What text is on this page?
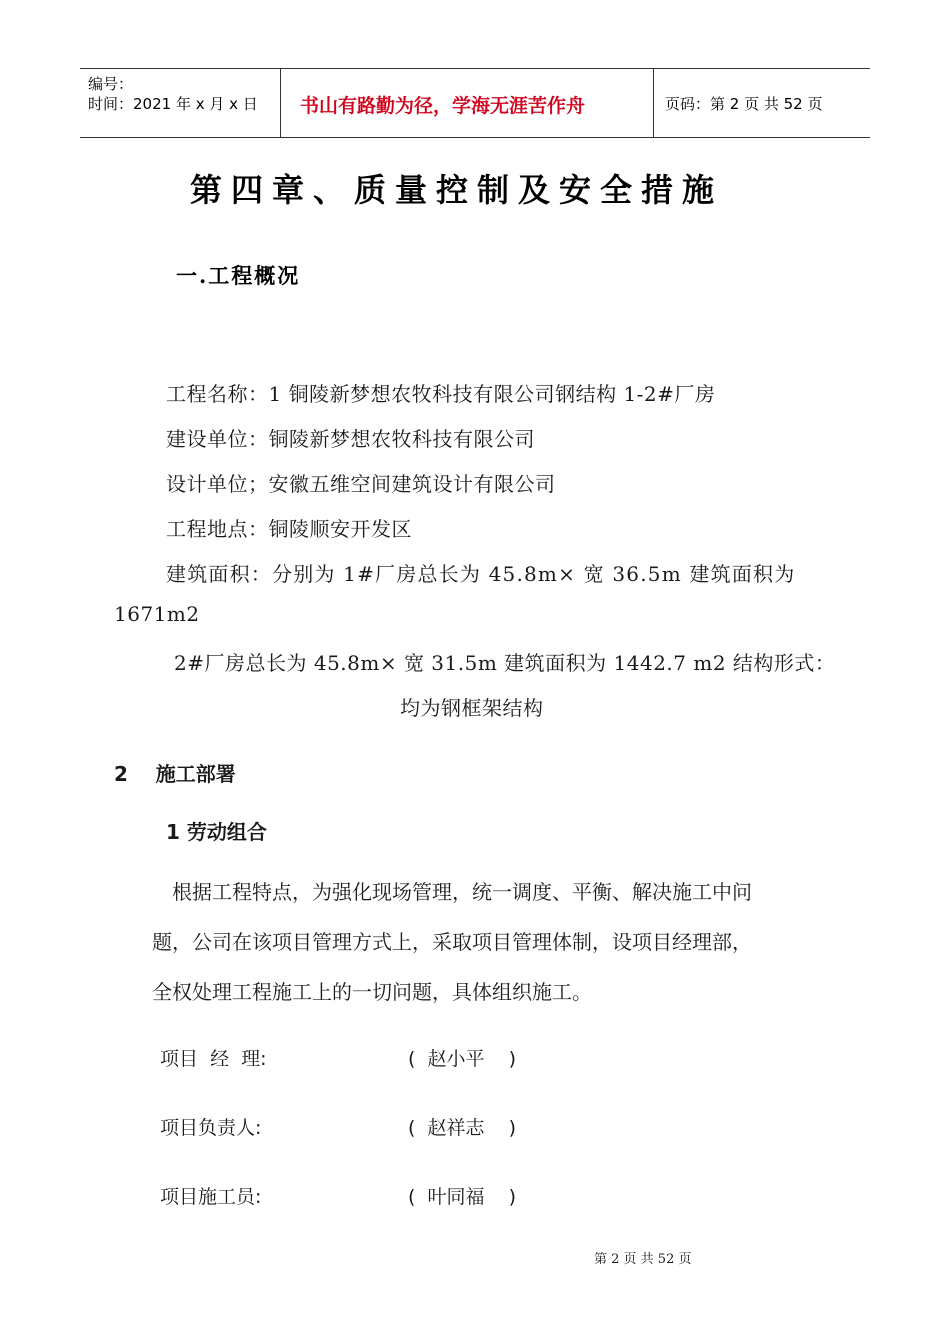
编号：
时间：2021 年 x 月 x 日 书山有路勤为径，学海无涯苦作舟	页码：第 2 页 共 52 页
第四章、质量控制及安全措施
一.工程概况
工程名称：1 铜陵新梦想农牧科技有限公司钢结构 1-2#厂房
建设单位：铜陵新梦想农牧科技有限公司
设计单位；安徽五维空间建筑设计有限公司
工程地点：铜陵顺安开发区
建筑面积：分别为 1#厂房总长为 45.8m× 宽 36.5m 建筑面积为
1671m2
2#厂房总长为 45.8m× 宽 31.5m 建筑面积为 1442.7 m2 结构形式：
均为钢框架结构
2    施工部署
1 劳动组合
根据工程特点，为强化现场管理，统一调度、平衡、解决施工中问
题，公司在该项目管理方式上，采取项目管理体制，设项目经理部，
全权处理工程施工上的一切问题，具体组织施工。
项目  经  理:	(  赵小平    )
项目负责人:	(  赵祥志    )
项目施工员:	(  叶同福    )
第 2 页 共 52 页
